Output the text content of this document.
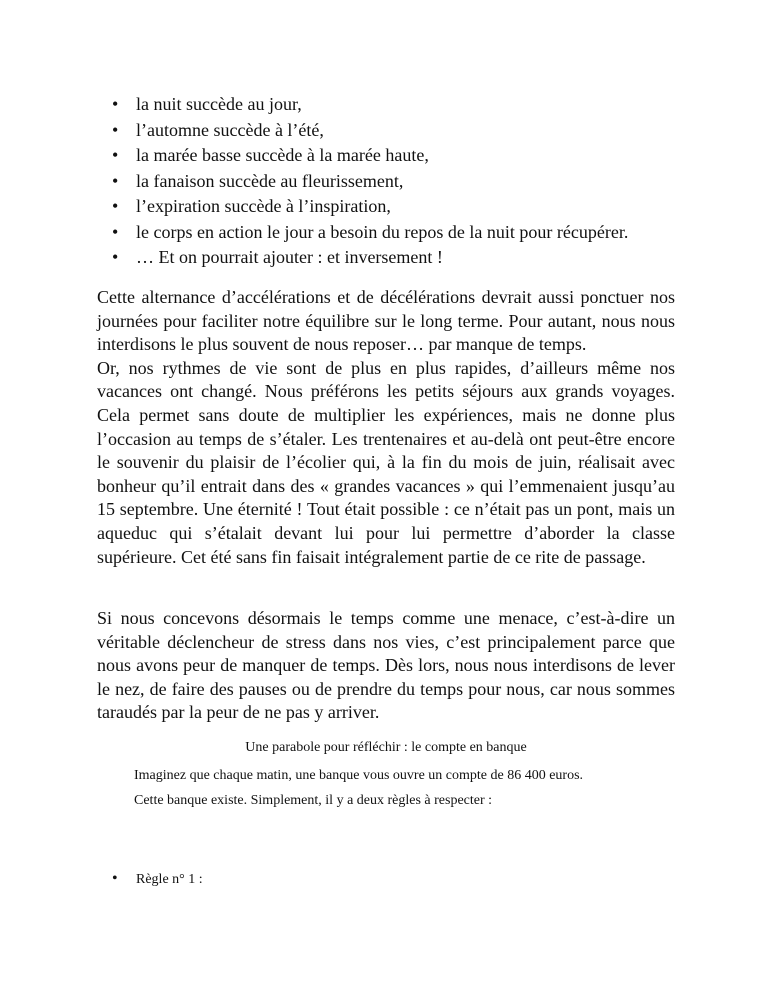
• la nuit succède au jour,
• l’automne succède à l’été,
• la marée basse succède à la marée haute,
• la fanaison succède au fleurissement,
• l’expiration succède à l’inspiration,
• le corps en action le jour a besoin du repos de la nuit pour récupérer.
• … Et on pourrait ajouter : et inversement !

Cette alternance d’accélérations et de décélérations devrait aussi ponctuer nos journées pour faciliter notre équilibre sur le long terme. Pour autant, nous nous interdisons le plus souvent de nous reposer… par manque de temps.

Or, nos rythmes de vie sont de plus en plus rapides, d’ailleurs même nos vacances ont changé. Nous préférons les petits séjours aux grands voyages. Cela permet sans doute de multiplier les expériences, mais ne donne plus l’occasion au temps de s’étaler. Les trentenaires et au-delà ont peut-être encore le souvenir du plaisir de l’écolier qui, à la fin du mois de juin, réalisait avec bonheur qu’il entrait dans des « grandes vacances » qui l’emmenaient jusqu’au 15 septembre. Une éternité ! Tout était possible : ce n’était pas un pont, mais un aqueduc qui s’étalait devant lui pour lui permettre d’aborder la classe supérieure. Cet été sans fin faisait intégralement partie de ce rite de passage.

Si nous concevons désormais le temps comme une menace, c’est-à-dire un véritable déclencheur de stress dans nos vies, c’est principalement parce que nous avons peur de manquer de temps. Dès lors, nous nous interdisons de lever le nez, de faire des pauses ou de prendre du temps pour nous, car nous sommes taraudés par la peur de ne pas y arriver.

Une parabole pour réfléchir : le compte en banque

Imaginez que chaque matin, une banque vous ouvre un compte de 86 400 euros.

Cette banque existe. Simplement, il y a deux règles à respecter :

• Règle n° 1 :
